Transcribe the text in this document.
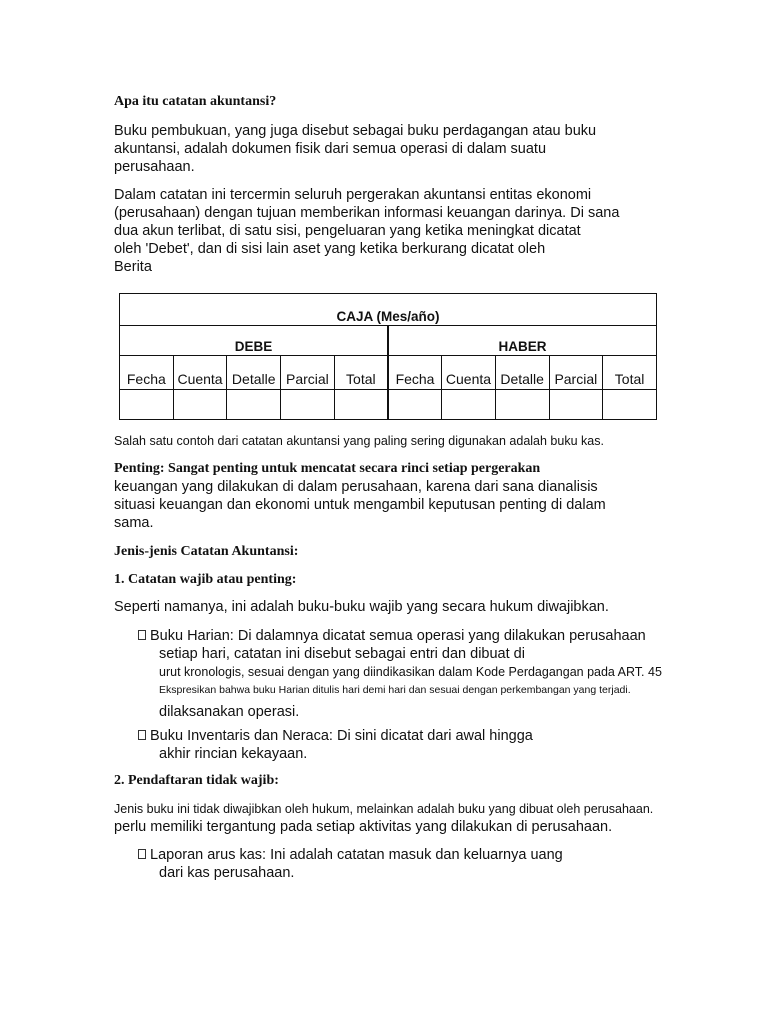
Apa itu catatan akuntansi?
Buku pembukuan, yang juga disebut sebagai buku perdagangan atau buku
akuntansi, adalah dokumen fisik dari semua operasi di dalam suatu
perusahaan.
Dalam catatan ini tercermin seluruh pergerakan akuntansi entitas ekonomi
(perusahaan) dengan tujuan memberikan informasi keuangan darinya. Di sana
dua akun terlibat, di satu sisi, pengeluaran yang ketika meningkat dicatat
oleh 'Debet', dan di sisi lain aset yang ketika berkurang dicatat oleh
Berita
CAJA (Mes/año)									
DEBE					HABER				
Fecha	Cuenta	Detalle	Parcial	Total	Fecha	Cuenta	Detalle	Parcial	Total

Salah satu contoh dari catatan akuntansi yang paling sering digunakan adalah buku kas.
Penting: Sangat penting untuk mencatat secara rinci setiap pergerakan
keuangan yang dilakukan di dalam perusahaan, karena dari sana dianalisis
situasi keuangan dan ekonomi untuk mengambil keputusan penting di dalam
sama.
Jenis-jenis Catatan Akuntansi:
1. Catatan wajib atau penting:
Seperti namanya, ini adalah buku-buku wajib yang secara hukum diwajibkan.
Buku Harian: Di dalamnya dicatat semua operasi yang dilakukan perusahaan
setiap hari, catatan ini disebut sebagai entri dan dibuat di
urut kronologis, sesuai dengan yang diindikasikan dalam Kode Perdagangan pada ART. 45
Ekspresikan bahwa buku Harian ditulis hari demi hari dan sesuai dengan perkembangan yang terjadi.
dilaksanakan operasi.
Buku Inventaris dan Neraca: Di sini dicatat dari awal hingga
akhir rincian kekayaan.
2. Pendaftaran tidak wajib:
Jenis buku ini tidak diwajibkan oleh hukum, melainkan adalah buku yang dibuat oleh perusahaan.
perlu memiliki tergantung pada setiap aktivitas yang dilakukan di perusahaan.
Laporan arus kas: Ini adalah catatan masuk dan keluarnya uang
dari kas perusahaan.
